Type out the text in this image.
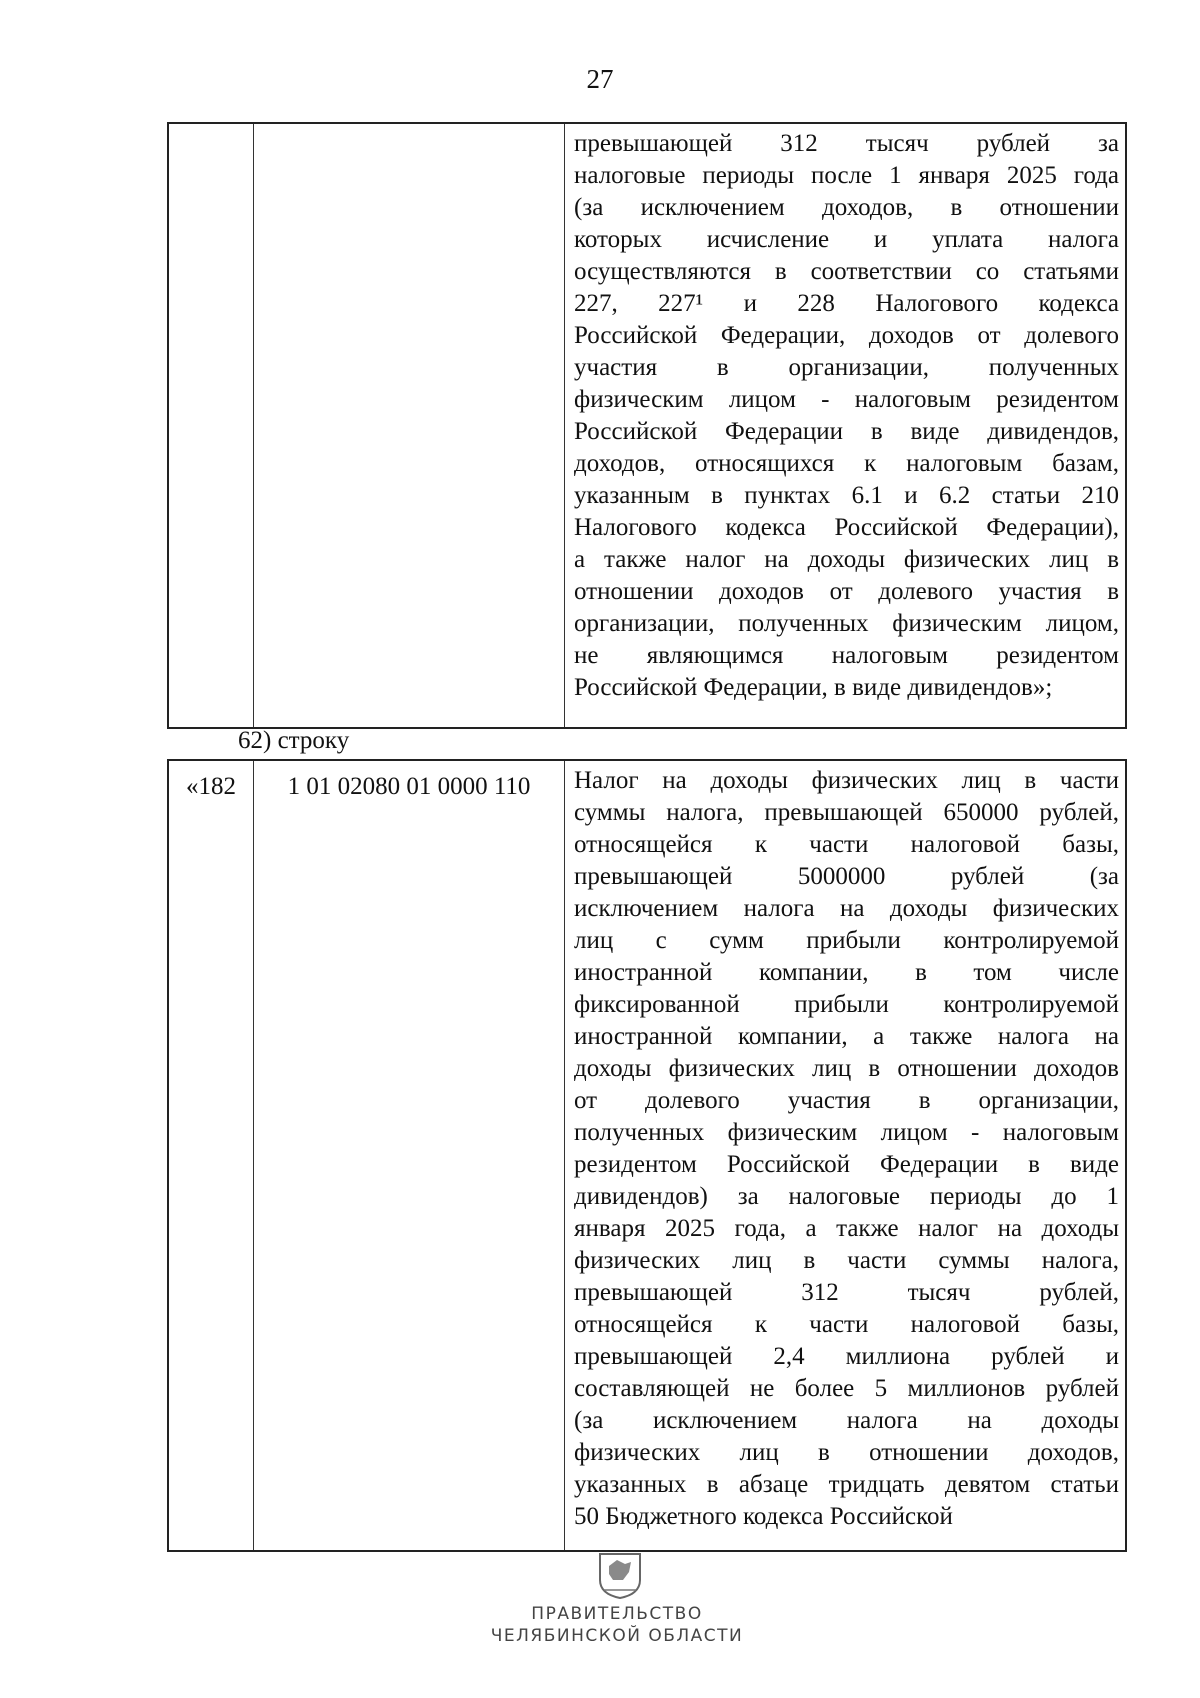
27
превышающей 312 тысяч рублей за
налоговые периоды после 1 января 2025 года
(за исключением доходов, в отношении
которых исчисление и уплата налога
осуществляются в соответствии со статьями
227, 227¹ и 228 Налогового кодекса
Российской Федерации, доходов от долевого
участия в организации, полученных
физическим лицом - налоговым резидентом
Российской Федерации в виде дивидендов,
доходов, относящихся к налоговым базам,
указанным в пунктах 6.1 и 6.2 статьи 210
Налогового кодекса Российской Федерации),
а также налог на доходы физических лиц в
отношении доходов от долевого участия в
организации, полученных физическим лицом,
не являющимся налоговым резидентом
Российской Федерации, в виде дивидендов»;
62) строку
«182	1 01 02080 01 0000 110	Налог на доходы физических лиц в части
суммы налога, превышающей 650000 рублей,
относящейся к части налоговой базы,
превышающей 5000000 рублей (за
исключением налога на доходы физических
лиц с сумм прибыли контролируемой
иностранной компании, в том числе
фиксированной прибыли контролируемой
иностранной компании, а также налога на
доходы физических лиц в отношении доходов
от долевого участия в организации,
полученных физическим лицом - налоговым
резидентом Российской Федерации в виде
дивидендов) за налоговые периоды до 1
января 2025 года, а также налог на доходы
физических лиц в части суммы налога,
превышающей 312 тысяч рублей,
относящейся к части налоговой базы,
превышающей 2,4 миллиона рублей и
составляющей не более 5 миллионов рублей
(за исключением налога на доходы
физических лиц в отношении доходов,
указанных в абзаце тридцать девятом статьи
50 Бюджетного кодекса Российской
ПРАВИТЕЛЬСТВО
ЧЕЛЯБИНСКОЙ ОБЛАСТИ
